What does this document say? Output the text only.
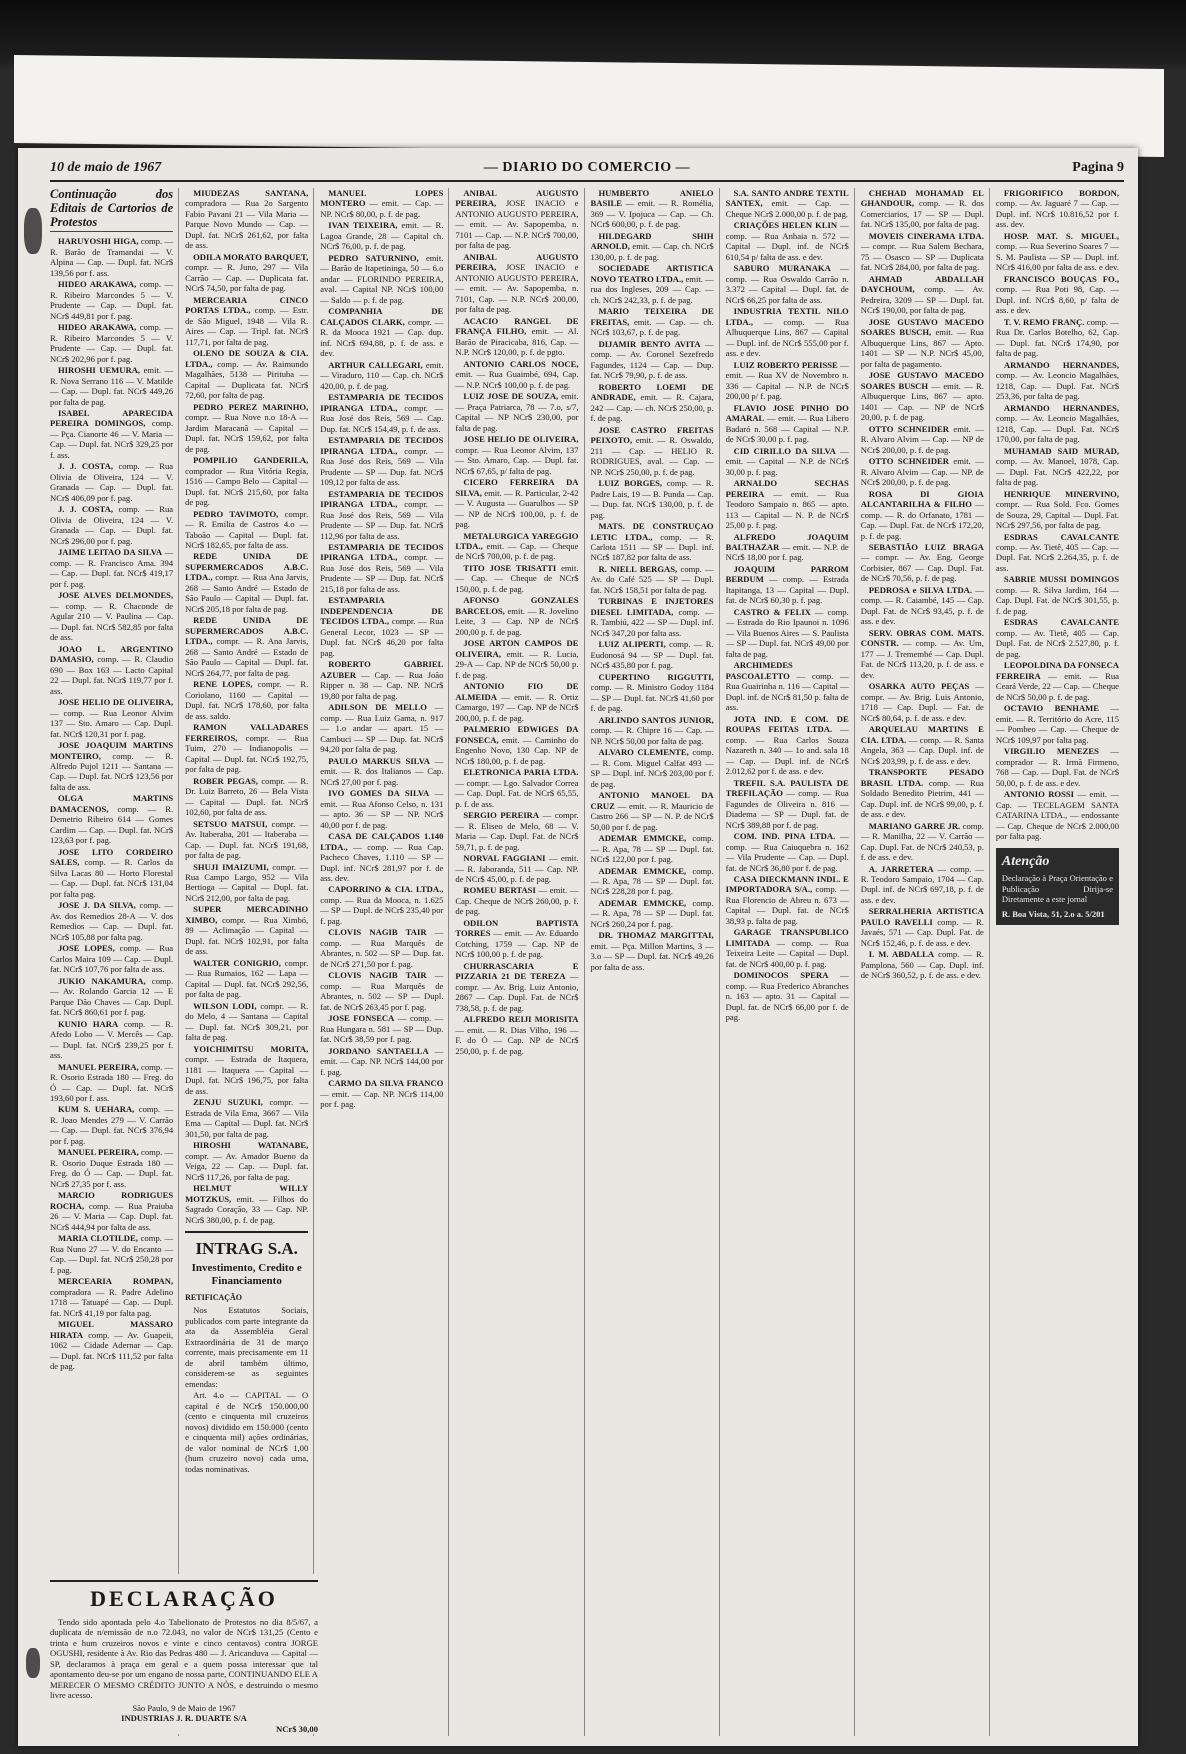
10 de maio de 1967	— DIARIO DO COMERCIO —	Pagina 9
Continuação dos Editais de Cartorios de Protestos

HARUYOSHI HIGA, comp. — R. Barão de Tramandai — V. Alpina — Cap. — Dupl. fat. NCr$ 139,56 por f. ass.

HIDEO ARAKAWA, comp. — R. Ribeiro Marcondes 5 — V. Prudente — Cap. — Dupl. fat. NCr$ 449,81 por f. pag.

HIDEO ARAKAWA, comp. — R. Ribeiro Marcondes 5 — V. Prudente — Cap. — Dupl. fat. NCr$ 202,96 por f. pag.

HIROSHI UEMURA, emit. — R. Nova Serrano 116 — V. Matilde — Cap. — Dupl. fat. NCr$ 449,26 por falta de pag.

ISABEL APARECIDA PEREIRA DOMINGOS, comp. — Pça. Cianorte 46 — V. Maria — Cap. — Dupl. fat. NCr$ 329,25 por f. ass.

J. J. COSTA, comp. — Rua Olivia de Oliveira, 124 — V. Granada — Cap. — Dupl. fat. NCr$ 406,09 por f. pag.

J. J. COSTA, comp. — Rua Olivia de Oliveira, 124 — V. Granada — Cap. — Dupl. fat. NCr$ 296,00 por f. pag.

JAIME LEITAO DA SILVA — comp. — R. Francisco Ama. 394 — Cap. — Dupl. fat. NCr$ 419,17 por f. pag.

JOSE ALVES DELMONDES, — comp. — R. Chaconde de Agular 210 — V. Paulina — Cap. — Dupl. fat. NCr$ 582,85 por falta de ass.

JOAO L. ARGENTINO DAMASIO, comp. — R. Claudio 690 — Box 163 — Lacto Capital 22 — Dupl. fat. NCr$ 119,77 por f. ass.

JOSE HELIO DE OLIVEIRA, — comp. — Rua Leonor Alvim 137 — Sto. Amaro — Cap. Dupl. fat. NCr$ 120,31 por f. pag.

JOSE JOAQUIM MARTINS MONTEIRO, comp. — R. Alfredo Pujol 1211 — Santana — Cap. — Dupl. fat. NCr$ 123,56 por falta de ass.

OLGA MARTINS DAMACENOS, comp. — R. Demetrio Ribeiro 614 — Gomes Cardim — Cap. — Dupl. fat. NCr$ 123,63 por f. pag.

JOSE LITO CORDEIRO SALES, comp. — R. Carlos da Silva Lacas 80 — Horto Florestal — Cap. — Dupl. fat. NCr$ 131,04 por falta pag.

JOSE J. DA SILVA, comp. — Av. dos Remedios 28-A — V. dos Remedios — Cap. — Dupl. fat. NCr$ 105,88 por falta pag.

JOSE LOPES, comp. — Rua Carlos Maira 109 — Cap. — Dupl. fat. NCr$ 107,76 por falta de ass.

JUKIO NAKAMURA, comp. — Av. Rolando Garcia 12 — E Parque Dão Chaves — Cap. Dupl. fat. NCr$ 860,61 por f. pag.

KUNIO HARA comp. — R. Afedo Lobo — V. Mercês — Cap. — Dupl. fat. NCr$ 239,25 por f. ass.

MANUEL PEREIRA, comp. — R. Osorio Estrada 180 — Freg. do Ó — Cap. — Dupl. fat. NCr$ 193,60 por f. ass.

KUM S. UEHARA, comp. — R. Joao Mendes 279 — V. Carrão — Cap. — Dupl. fat. NCr$ 376,94 por f. pag.

MANUEL PEREIRA, comp. — R. Osorio Duque Estrada 180 — Freg. do Ó — Cap. — Dupl. fat. NCr$ 27,35 por f. ass.

MARCIO RODRIGUES ROCHA, comp. — Rua Praiuba 26 — V. Maria — Cap. Dupl. fat. NCr$ 444,94 por falta de ass.

MARIA CLOTILDE, comp. — Rua Nuno 27 — V. do Encanto — Cap. — Dupl. fat. NCr$ 250,28 por f. pag.

MERCEARIA ROMPAN, compradora — R. Padre Adelino 1718 — Tatuapé — Cap. — Dupl. fat. NCr$ 41,19 por falta pag.

MIGUEL MASSARO HIRATA comp. — Av. Guapeii, 1062 — Cidade Adernar — Cap. — Dupl. fat. NCr$ 111,52 por falta de pag.

MIUDEZAS SANTANA, compradora — Rua 2o Sargento Fabio Pavani 21 — Vila Maria — Parque Novo Mundo — Cap. — Dupl. fat. NCr$ 261,62, por falta de ass.

ODILA MORATO BARQUET, compr. — R. Juno, 297 — Vila Carrão — Cap. — Duplicata fat. NCr$ 74,50, por falta de pag.

MERCEARIA CINCO PORTAS LTDA., comp. — Estr. de São Miguel, 1948 — Vila R. Aires — Cap. — Tripl. fat. NCr$ 117,71, por falta de pag.

OLENO DE SOUZA & CIA. LTDA., comp. — Av. Raimundo Magalhães, 5138 — Pirituba — Capital — Duplicata fat. NCr$ 72,60, por falta de pag.

PEDRO PEREZ MARINHO, compr. — Rua Nove n.o 18-A — Jardim Maracanã — Capital — Dupl. fat. NCr$ 159,62, por falta de pag.

POMPILIO GANDERILA, comprador — Rua Vitória Regia, 1516 — Campo Belo — Capital — Dupl. fat. NCr$ 215,60, por falta de pag.

PEDRO TAVIMOTO, compr. — R. Emilia de Castros 4.o — Taboão — Capital — Dupl. fat. NCr$ 182,65, por falta de ass.

REDE UNIDA DE SUPERMERCADOS A.B.C. LTDA., compr. — Rua Ana Jarvis, 268 — Santo André — Estado de São Paulo — Capital — Dupl. fat. NCr$ 205,18 por falta de pag.

REDE UNIDA DE SUPERMERCADOS A.B.C. LTDA., compr. — R. Ana Jarvis, 268 — Santo André — Estado de São Paulo — Capital — Dupl. fat. NCr$ 264,77, por falta de pag.

RENE LOPES, compr. — R. Coriolano, 1160 — Capital — Dupl. fat. NCr$ 178,60, por falta de ass. saldo.

RAMON VALLADARES FERREIROS, compr. — Rua Tuim, 270 — Indianopolis — Capital — Dupl. fat. NCr$ 192,75, por falta de pag.

ROBER PEGAS, compr. — R. Dr. Luiz Barreto, 26 — Bela Vista — Capital — Dupl. fat. NCr$ 102,60, por falta de ass.

SETSUO MATSUI, compr. — Av. Itaberaba, 201 — Itaberaba — Cap. — Dupl. fat. NCr$ 191,68, por falta de pag.

SHUJI IMAIZUMI, compr. — Rua Campo Largo, 952 — Vila Bertioga — Capital — Dupl. fat. NCr$ 212,00, por falta de pag.

SUPER MERCADINHO XIMBO, compr. — Rua Ximbó, 89 — Aclimação — Capital — Dupl. fat. NCr$ 102,91, por falta de ass.

WALTER CONIGRIO, compr. — Rua Rumaios, 162 — Lapa — Capital — Dupl. fat. NCr$ 292,56, por falta de pag.

WILSON LODI, compr. — R. do Melo, 4 — Santana — Capital — Dupl. fat. NCr$ 309,21, por falta de pag.

YOICHIMITSU MORITA, compr. — Estrada de Itaquera, 1181 — Itaquera — Capital — Dupl. fat. NCr$ 196,75, por falta de ass.

ZENJU SUZUKI, compr. — Estrada de Vila Ema, 3667 — Vila Ema — Capital — Dupl. fat. NCr$ 301,50, por falta de pag.

HIROSHI WATANABE, compr. — Av. Amador Bueno da Veiga, 22 — Cap. — Dupl. fat. NCr$ 117,26, por falta de pag.

HELMUT WILLY MOTZKUS, emit. — Filhos do Sagrado Coração, 33 — Cap. NP. NCr$ 380,00, p. f. de pag.

INTRAG S.A.
Investimento, Credito e Financiamento
RETIFICAÇÃO

Nos Estatutos Sociais, publicados com parte integrante da ata da Assembléia Geral Extraordinária de 31 de março corrente, mais precisamente em 11 de abril também último, considerem-se as seguintes emendas:

Art. 4.o — CAPITAL — O capital é de NCr$ 150.000,00 (cento e cinquenta mil cruzeiros novos) dividido em 150.000 (cento e cinquenta mil) ações ordinárias, de valor nominal de NCr$ 1,00 (hum cruzeiro novo) cada uma, todas nominativas.

MANUEL LOPES MONTERO — emit. — Cap. — NP. NCr$ 80,00, p. f. de pag.

IVAN TEIXEIRA, emit. — R. Lagoa Grande, 28 — Capital ch. NCr$ 76,00, p. f. de pag.

PEDRO SATURNINO, emit. — Barão de Itapetininga, 50 — 6.o andar — FLORINDO PEREIRA, aval. — Capital NP. NCr$ 100,00 — Saldo — p. f. de pag.

COMPANHIA DE CALÇADOS CLARK, compr. — R. da Mooca 1921 — Cap. dup. inf. NCr$ 694,88, p. f. de ass. e dev.

ARTHUR CALLEGARI, emit. — Viraduro, 110 — Cap. ch. NCr$ 420,00, p. f. de pag.

ESTAMPARIA DE TECIDOS IPIRANGA LTDA., compr. — Rua José dos Reis, 569 — Cap. Dup. fat. NCr$ 154,49, p. f. de ass.

ESTAMPARIA DE TECIDOS IPIRANGA LTDA., compr. — Rua José dos Reis, 569 — Vila Prudente — SP — Dup. fat. NCr$ 109,12 por falta de ass.

ESTAMPARIA DE TECIDOS IPIRANGA LTDA., compr. — Rua José dos Reis, 569 — Vila Prudente — SP — Dup. fat. NCr$ 112,96 por falta de ass.

ESTAMPARIA DE TECIDOS IPIRANGA LTDA., compr. — Rua José dos Reis, 569 — Vila Prudente — SP — Dup. fat. NCr$ 215,18 por falta de ass.

ESTAMPARIA INDEPENDENCIA DE TECIDOS LTDA., compr. — Rua General Lecor, 1023 — SP — Dupl. fat. NCr$ 46,20 por falta pag.

ROBERTO GABRIEL AZUBER — Cap. — Rua João Ripper n. 38 — Cap. NP. NCr$ 19,80 por falta de pag.

ADILSON DE MELLO — comp. — Rua Luiz Gama, n. 917 — 1.o andar — apart. 15 — Cambuci — SP — Dup. fat. NCr$ 94,20 por falta de pag.

PAULO MARKUS SILVA — emit. — R. dos Italianos — Cap. NCr$ 27,00 por f. pag.

IVO GOMES DA SILVA — emit. — Rua Afonso Celso, n. 131 — apto. 36 — SP — NP. NCr$ 40,00 por f. de pag.

CASA DE CALÇADOS 1.140 LTDA., — comp. — Rua Cap. Pacheco Chaves, 1.110 — SP — Dupl. inf. NCr$ 281,97 por f. de ass. dev.

CAPORRINO & CIA. LTDA., comp. — Rua da Mooca, n. 1.625 — SP — Dupl. de NCr$ 235,40 por f. pag.

CLOVIS NAGIB TAIR — comp. — Rua Marquês de Abrantes, n. 502 — SP — Dup. fat. de NCr$ 271,50 por f. pag.

CLOVIS NAGIB TAIR — comp. — Rua Marquês de Abrantes, n. 502 — SP — Dupl. fat. de NCr$ 263,45 por f. pag.

JOSE FONSECA — comp. — Rua Hungara n. 581 — SP — Dup. fat. NCr$ 38,59 por f. pag.

JORDANO SANTAELLA — emit. — Cap. NP. NCr$ 144,00 por f. pag.

CARMO DA SILVA FRANCO — emit. — Cap. NP. NCr$ 114,00 por f. pag.

ANIBAL AUGUSTO PEREIRA, JOSE INACIO e ANTONIO AUGUSTO PEREIRA, — emit. — Av. Sapopemba, n. 7101 — Cap. — N.P. NCr$ 700,00, por falta de pag.

ANIBAL AUGUSTO PEREIRA, JOSE INACIO e ANTONIO AUGUSTO PEREIRA, — emit. — Av. Sapopemba, n. 7101, Cap. — N.P. NCr$ 200,00, por falta de pag.

ACACIO RANGEL DE FRANÇA FILHO, emit. — Al. Barão de Piracicaba, 816, Cap. — N.P. NCr$ 120,00, p. f. de pgto.

ANTONIO CARLOS NOCE, emit. — Rua Guaimbé, 694, Cap. — N.P. NCr$ 100,00 p. f. de pag.

LUIZ JOSE DE SOUZA, emit. — Praça Patriarca, 78 — 7.o, s/7, Capital — NP NCr$ 230,00, por falta de pag.

JOSE HELIO DE OLIVEIRA, compr. — Rua Leonor Alvim, 137 — Sto. Amaro, Cap. — Dupl. fat. NCr$ 67,65, p/ falta de pag.

CICERO FERREIRA DA SILVA, emit. — R. Particular, 2-42 — V. Augusta — Guarulhos — SP — NP de NCr$ 100,00, p. f. de pag.

METALURGICA YAREGGIO LTDA., emit. — Cap. — Cheque de NCr$ 700,00, p. f. de pag.

TITO JOSE TRISATTI emit. — Cap. — Cheque de NCr$ 150,00, p. f. de pag.

AFONSO GONZALES BARCELOS, emit. — R. Jovelino Leite, 3 — Cap. NP de NCr$ 200,00 p. f. de pag.

JOSE ARTON CAMPOS DE OLIVEIRA, emit. — R. Lucia, 29-A — Cap. NP de NCr$ 50,00 p. f. de pag.

ANTONIO FIO DE ALMEIDA — emit. — R. Ortiz Camargo, 197 — Cap. NP de NCr$ 200,00, p. f. de pag.

PALMERIO EDWIGES DA FONSECA, emit. — Caminho do Engenho Novo, 130 Cap. NP de NCr$ 180,00, p. f. de pag.

ELETRONICA PARIA LTDA. — compr. — Lgo. Salvador Correa — Cap. Dupl. Fat. de NCr$ 65,55, p. f. de ass.

SERGIO PEREIRA — compr. — R. Eliseo de Melo, 68 — V. Maria — Cap. Dupl. Fat. de NCr$ 59,71, p. f. de pag.

NORVAL FAGGIANI — emit. — R. Jaboranda, 511 — Cap. NP. de NCr$ 45,00, p. f. de pag.

ROMEU BERTASI — emit. — Cap. Cheque de NCr$ 260,00, p. f. de pag.

ODILON BAPTISTA TORRES — emit. — Av. Eduardo Cotching, 1759 — Cap. NP de NCr$ 100,00 p. f. de pag.

CHURRASCARIA E PIZZARIA 21 DE TEREZA — compr. — Av. Brig. Luiz Antonio, 2867 — Cap. Dupl. Fat. de NCr$ 738,58, p. f. de pag.

ALFREDO REIJI MORISITA — emit. — R. Dias Vilho, 196 — F. do Ó — Cap. NP de NCr$ 250,00, p. f. de pag.

HUMBERTO ANIELO BASILE — emit. — R. Romélia, 369 — V. Ipojuca — Cap. — Ch. NCr$ 600,00, p. f. de pag.

HILDEGARD SHIH ARNOLD, emit. — Cap. ch. NCr$ 130,00, p. f. de pag.

SOCIEDADE ARTISTICA NOVO TEATRO LTDA., emit. — rua dos Ingleses, 209 — Cap. — ch. NCr$ 242,33, p. f. de pag.

MARIO TEIXEIRA DE FREITAS, emit. — Cap. — ch. NCr$ 103,67, p. f. de pag.

DIJAMIR BENTO AVITA — comp. — Av. Coronel Sezefredo Fagundes, 1124 — Cap. — Dup. fat. NCr$ 79,90, p. f. de ass.

ROBERTO LOEMI DE ANDRADE, emit. — R. Cajara, 242 — Cap. — ch. NCr$ 250,00, p. f. de pag.

JOSE CASTRO FREITAS PEIXOTO, emit. — R. Oswaldo, 211 — Cap. — HELIO R. RODRIGUES, aval. — Cap. — NP. NCr$ 250,00, p. f. de pag.

LUIZ BORGES, comp. — R. Padre Lais, 19 — B. Punda — Cap. — Dup. fat. NCr$ 130,00, p. f. de pag.

MATS. DE CONSTRUÇAO LETIC LTDA., comp. — R. Carlota 1511 — SP — Dupl. inf. NCr$ 187,82 por falta de ass.

R. NIELL BERGAS, comp. — Av. do Café 525 — SP — Dupl. fat. NCr$ 158,51 por falta de pag.

TURBINAS E INJETORES DIESEL LIMITADA, comp. — R. Tambiú, 422 — SP — Dupl. inf. NCr$ 347,20 por falta ass.

LUIZ ALIPERTI, comp. — R. Eudonosá 94 — SP — Dupl. fat. NCr$ 435,80 por f. pag.

CUPERTINO RIGGUTTI, comp. — R. Ministro Godoy 1184 — SP — Dupl. fat. NCr$ 41,60 por f. de pag.

ARLINDO SANTOS JUNIOR, comp. — R. Chipre 16 — Cap. — NP. NCr$ 50,00 por falta de pag.

ALVARO CLEMENTE, comp. — R. Com. Miguel Calfat 493 — SP — Dupl. inf. NCr$ 203,00 por f. de pag.

ANTONIO MANOEL DA CRUZ — emit. — R. Mauricio de Castro 266 — SP — N. P. de NCr$ 50,00 por f. de pag.

ADEMAR EMMCKE, comp. — R. Apa, 78 — SP — Dupl. fat. NCr$ 122,00 por f. pag.

ADEMAR EMMCKE, comp. — R. Apa, 78 — SP — Dupl. fat. NCr$ 228,28 por f. pag.

ADEMAR EMMCKE, comp. — R. Apa, 78 — SP — Dupl. fat. NCr$ 260,24 por f. pag.

DR. THOMAZ MARGITTAI, emit. — Pça. Millon Martins, 3 — 3.o — SP — Dupl. fat. NCr$ 49,26 por falta de ass.

S.A. SANTO ANDRE TEXTIL SANTEX, emit. — Cap. — Cheque NCr$ 2.000,00 p. f. de pag.

CRIAÇÕES HELEN KLIN — comp. — Rua Anhaia n. 572 — Capital — Dupl. inf. de NCr$ 610,54 p/ falta de ass. e dev.

SABURO MURANAKA — comp. — Rua Oswaldo Carrão n. 3.372 — Capital — Dupl. fat. de NCr$ 66,25 por falta de ass.

INDUSTRIA TEXTIL NILO LTDA., — comp. — Rua Albuquerque Lins, 867 — Capital — Dupl. inf. de NCr$ 555,00 por f. ass. e dev.

LUIZ ROBERTO PERISSE — emit. — Rua XV de Novembro n. 336 — Capital — N.P. de NCr$ 200,00 p/ f. pag.

FLAVIO JOSE PINHO DO AMARAL — emit. — Rua Libero Badaró n. 568 — Capital — N.P. de NCr$ 30,00 p. f. pag.

CID CIRILLO DA SILVA — emit. — Capital — N.P. de NCr$ 30,00 p. f. pag.

ARNALDO SECHAS PEREIRA — emit. — Rua Teodoro Sampaio n. 865 — apto. 113 — Capital — N. P. de NCr$ 25,00 p. f. pag.

ALFREDO JOAQUIM BALTHAZAR — emit. — N.P. de NCr$ 18,00 por f. pag.

JOAQUIM PARROM BERDUM — comp. — Estrada Itapitanga, 13 — Capital — Dupl. fat. de NCr$ 60,30 p. f. pag.

CASTRO & FELIX — comp. — Estrada do Rio Ipaunoi n. 1096 — Vila Buenos Aires — S. Paulista — SP — Dupl. fat. NCr$ 49,00 por falta de pag.

ARCHIMEDES PASCOALETTO — comp. — Rua Guairinha n. 116 — Capital — Dupl. inf. de NCr$ 81,50 p. falta de ass.

JOTA IND. E COM. DE ROUPAS FEITAS LTDA. — comp. — Rua Carlos Souza Nazareth n. 340 — 1o and. sala 18 — Cap. — Dupl. inf. de NCr$ 2.012,62 por f. de ass. e dev.

TREFIL S.A. PAULISTA DE TREFILAÇÃO — comp. — Rua Fagundes de Oliveira n. 816 — Diadema — SP — Dupl. fat. de NCr$ 389,88 por f. de pag.

COM. IND. PINA LTDA. — comp. — Rua Caiuquebra n. 162 — Vila Prudente — Cap. — Dupl. fat. de NCr$ 36,80 por f. de pag.

CASA DIECKMANN INDL. E IMPORTADORA S/A., comp. — Rua Florencio de Abreu n. 673 — Capital — Dupl. fat. de NCr$ 38,93 p. falta de pag.

GARAGE TRANSPUBLICO LIMITADA — comp. — Rua Teixeira Leite — Capital — Dupl. fat. de NCr$ 400,00 p. f. pag.

DOMINOCOS SPERA — comp. — Rua Frederico Abranches n. 163 — apto. 31 — Capital — Dupl. fat. de NCr$ 66,00 por f. de pag.

CHEHAD MOHAMAD EL GHANDOUR, comp. — R. dos Comerciarios, 17 — SP — Dupl. fat. NCr$ 135,00, por falta de pag.

MOVEIS CINERAMA LTDA. — compr. — Rua Salem Bechara, 75 — Osasco — SP — Duplicata fat. NCr$ 284,00, por falta de pag.

AHMAD ABDALLAH DAYCHOUM, comp. — Av. Pedreira, 3209 — SP — Dupl. fat. NCr$ 190,00, por falta de pag.

JOSE GUSTAVO MACEDO SOARES BUSCH, emit. — Rua Albuquerque Lins, 867 — Apto. 1401 — SP — N.P. NCr$ 45,00, por falta de pagamento.

JOSE GUSTAVO MACEDO SOARES BUSCH — emit. — R. Albuquerque Lins, 867 — apto. 1401 — Cap. — NP de NCr$ 20,00, p. f. de pag.

OTTO SCHNEIDER emit. — R. Alvaro Alvim — Cap. — NP de NCr$ 200,00, p. f. de pag.

OTTO SCHNEIDER emit. — R. Alvaro Alvim — Cap. — NP. de NCr$ 200,00, p. f. de pag.

ROSA DI GIOIA ALCANTARILHA & FILHO — comp. — R. do Orfanato, 1781 — Cap. — Dupl. Fat. de NCr$ 172,20, p. f. de pag.

SEBASTIÃO LUIZ BRAGA — compr. — Av. Eng. George Corbisier, 867 — Cap. Dupl. Fat. de NCr$ 70,56, p. f. de pag.

PEDROSA e SILVA LTDA. — comp. — R. Caiambé, 145 — Cap. Dupl. Fat. de NCr$ 93,45, p. f. de ass. e dev.

SERV. OBRAS COM. MATS. CONSTR. — comp. — Av. Um, 177 — J. Tremembé — Cap. Dupl. Fat. de NCr$ 113,20, p. f. de ass. e dev.

OSARKA AUTO PEÇAS — compr. — Av. Brig. Luis Antonio, 1718 — Cap. Dupl. — Fat. de NCr$ 80,64, p. f. de ass. e dev.

ARQUELAU MARTINS E CIA. LTDA. — comp. — R. Santa Angela, 363 — Cap. Dupl. inf. de NCr$ 203,99, p. f. de ass. e dev.

TRANSPORTE PESADO BRASIL LTDA. comp. — Rua Soldado Benedito Pietrim, 441 — Cap. Dupl. inf. de NCr$ 99,00, p. f. de ass. e dev.

MARIANO GARRE JR. comp. — R. Manilha, 22 — V. Carrão — Cap. Dupl. Fat. de NCr$ 240,53, p. f. de ass. e dev.

A. JARRETERA — comp. — R. Teodoro Sampaio, 1704 — Cap. Dupl. inf. de NCr$ 697,18, p. f. de ass. e dev.

SERRALHERIA ARTISTICA PAULO RAVELLI comp. — R. Javaés, 571 — Cap. Dupl. Fat. de NCr$ 152,46, p. f. de ass. e dev.

I. M. ABDALLA comp. — R. Pamplona, 560 — Cap. Dupl. inf. de NCr$ 360,52, p. f. de ass. e dev.

FRIGORIFICO BORDON, comp. — Av. Jaguaré 7 — Cap. — Dupl. inf. NCr$ 10.816,52 por f. ass. dev.

HOSP. MAT. S. MIGUEL, comp. — Rua Severino Soares 7 — S. M. Paulista — SP — Dupl. inf. NCr$ 416,00 por falta de ass. e dev.

FRANCISCO BOUÇAS FO., comp. — Rua Poti 98, Cap. — Dupl. inf. NCr$ 8,60, p/ falta de ass. e dev.

T. V. REMO FRANÇ. comp. — Rua Dr. Carlos Botelho, 62, Cap. — Dupl. fat. NCr$ 174,90, por falta de pag.

ARMANDO HERNANDES, comp. — Av. Leoncio Magalhães, 1218, Cap. — Dupl. Fat. NCr$ 253,36, por falta de pag.

ARMANDO HERNANDES, comp. — Av. Leoncio Magalhães, 1218, Cap. — Dupl. Fat. NCr$ 170,00, por falta de pag.

MUHAMAD SAID MURAD, comp. — Av. Manoel, 1078, Cap. — Dupl. Fat. NCr$ 422,22, por falta de pag.

HENRIQUE MINERVINO, compr. — Rua Sold. Fco. Gomes de Souza, 29, Capital — Dupl. Fat. NCr$ 297,56, por falta de pag.

ESDRAS CAVALCANTE comp. — Av. Tietê, 405 — Cap. — Dupl. Fat. NCr$ 2.264,35, p. f. de ass.

SABRIE MUSSI DOMINGOS comp. — R. Silva Jardim, 164 — Cap. Dupl. Fat. de NCr$ 301,55, p. f. de pag.

ESDRAS CAVALCANTE comp. — Av. Tietê, 405 — Cap. Dupl. Fat. de NCr$ 2.527,80, p. f. de pag.

LEOPOLDINA DA FONSECA FERREIRA — emit. — Rua Ceará Verde, 22 — Cap. — Cheque de NCr$ 50,00 p. f. de pag.

OCTAVIO BENHAME — emit. — R. Território do Acre, 115 — Pombeo — Cap. — Cheque de NCr$ 109,97 por falta pag.

VIRGILIO MENEZES — comprador — R. Irmã Firmeno, 768 — Cap. — Dupl. Fat. de NCr$ 50,00, p. f. de ass. e dev.

ANTONIO ROSSI — emit. — Cap. — TECELAGEM SANTA CATARINA LTDA., — endossante — Cap. Cheque de NCr$ 2.000,00 por falta pag.

Atenção
Declaração à Praça Orientação e Publicação Dirija-se Diretamente a este jornal
R. Boa Vista, 51, 2.o a. 5/201
DECLARAÇÃO

Tendo sido apontada pelo 4.o Tabelionato de Protestos no dia 8/5/67, a duplicata de n/emissão de n.o 72.043, no valor de NCr$ 131,25 (Cento e trinta e hum cruzeiros novos e vinte e cinco centavos) contra JORGE OGUSHI, residente à Av. Rio das Pedras 480 — J. Aricanduva — Capital — SP, declaramos à praça em geral e a quem possa interessar que tal apontamento deu-se por um engano de nossa parte, CONTINUANDO ELE A MERECER O MESMO CRÉDITO JUNTO A NÓS, e destruindo o mesmo livre acesso.

São Paulo, 9 de Maio de 1967
INDUSTRIAS J. R. DUARTE S/A
NCr$ 30,00
